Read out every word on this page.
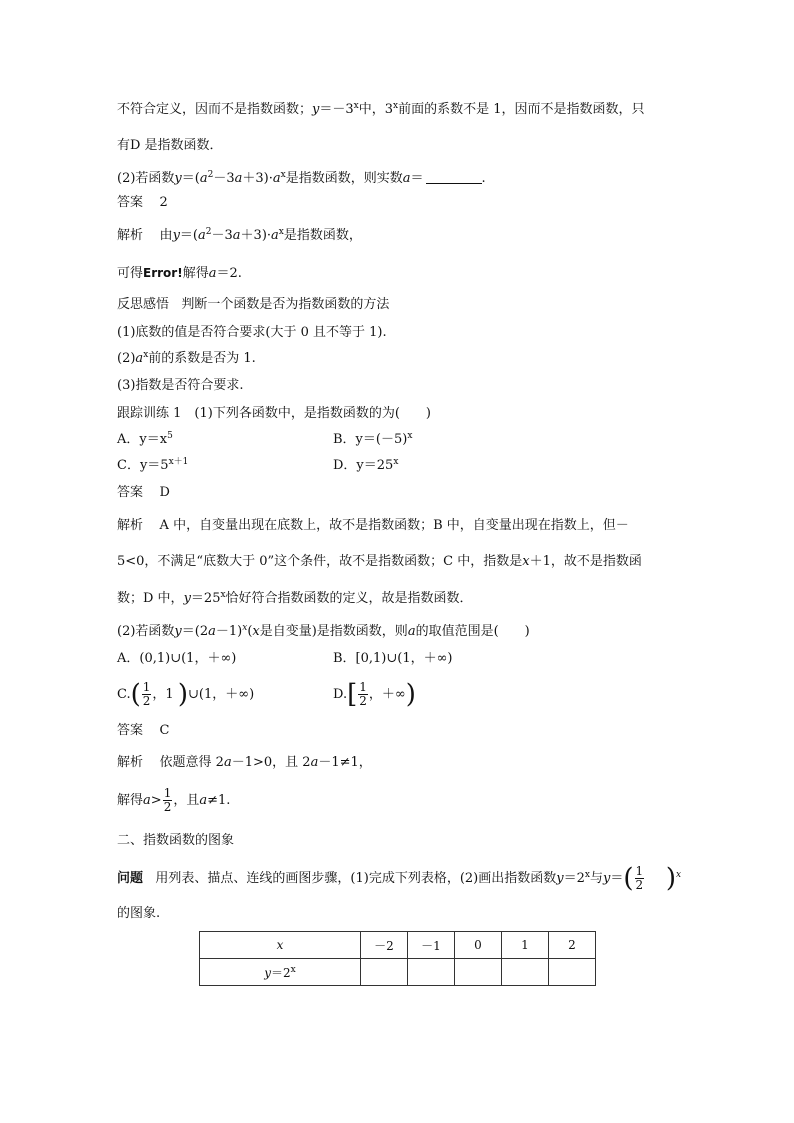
不符合定义，因而不是指数函数；$y=-3^x$中，3$^x$前面的系数不是 1，因而不是指数函数，只
有D 是指数函数．
(2)若函数$y=(a^2-3a+3)\cdot a^x$是指数函数，则实数a＝	.
答案 2
解析 由$y=(a^2-3a+3)\cdot a^x$是指数函数，
可得Error!解得a＝2.
反思感悟 判断一个函数是否为指数函数的方法
(1)底数的值是否符合要求(大于 0 且不等于 1).
$(2)a^x$前的系数是否为 1.
(3)指数是否符合要求.
跟踪训练 1　(1)下列各函数中，是指数函数的为(　　)
A．$y=x^5$	B．$y=(-5)^x$
C．$y=5^{x+1}$	D．$y=25^x$
答案 D
解析 A 中，自变量出现在底数上，故不是指数函数；B 中，自变量出现在指数上，但－
5<0，不满足“底数大于 0”这个条件，故不是指数函数；C 中，指数是x＋1，故不是指数函
数；D 中，$y=25^x$恰好符合指数函数的定义，故是指数函数．
(2)若函数$y=(2a-1)^x(x$是自变量)是指数函数，则a的取值范围是(　　)
A．(0,1)∪(1，＋∞)	B．[0,1)∪(1，＋∞)
$C.( \frac{1}{2}$ ，1 )∪(1，＋∞)	$D.[ \frac{1}{2}$ ，＋∞)
答案 C
解析 依题意得 2a－1>0，且 2a－1≠1，
解得$a> \frac{1}{2}$ ，且a≠1.
二、指数函数的图象
问题 用列表、描点、连线的画图步骤，(1)完成下列表格，(2)画出指数函数$y=2^x$与$y=( \frac{1}{2} )^x$
的图象.
x	－2	－1	0	1	2
$y=2^x$					
